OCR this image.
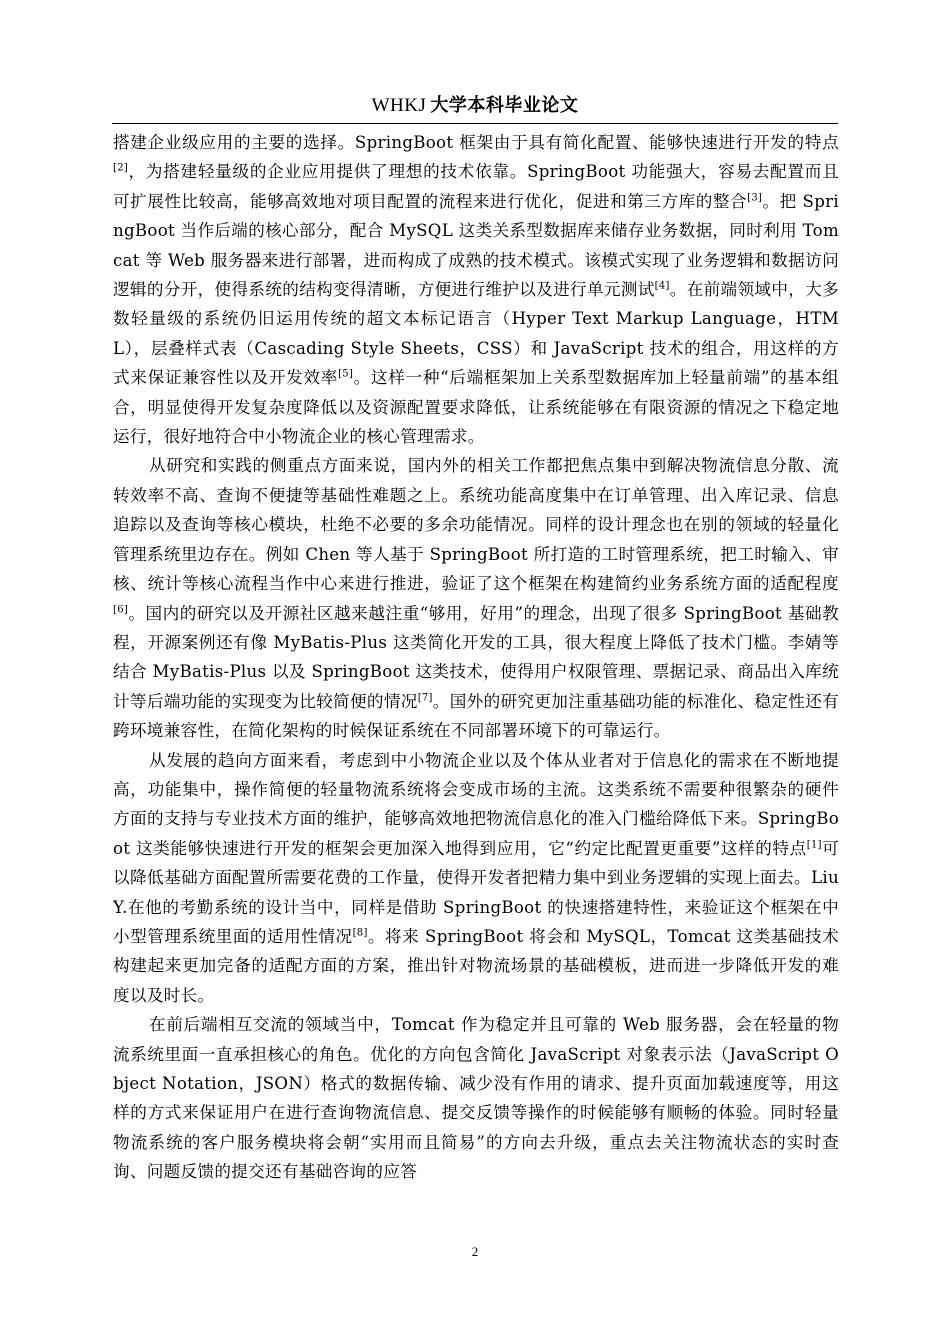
WHKJ 大学本科毕业论文

搭建企业级应用的主要的选择。SpringBoot 框架由于具有简化配置、能够快速进行开发的特点[2]，为搭建轻量级的企业应用提供了理想的技术依靠。SpringBoot 功能强大，容易去配置而且可扩展性比较高，能够高效地对项目配置的流程来进行优化，促进和第三方库的整合[3]。把 SpringBoot 当作后端的核心部分，配合 MySQL 这类关系型数据库来储存业务数据，同时利用 Tomcat 等 Web 服务器来进行部署，进而构成了成熟的技术模式。该模式实现了业务逻辑和数据访问逻辑的分开，使得系统的结构变得清晰，方便进行维护以及进行单元测试[4]。在前端领域中，大多数轻量级的系统仍旧运用传统的超文本标记语言（Hyper Text Markup Language，HTML），层叠样式表（Cascading Style Sheets，CSS）和 JavaScript 技术的组合，用这样的方式来保证兼容性以及开发效率[5]。这样一种“后端框架加上关系型数据库加上轻量前端”的基本组合，明显使得开发复杂度降低以及资源配置要求降低，让系统能够在有限资源的情况之下稳定地运行，很好地符合中小物流企业的核心管理需求。

从研究和实践的侧重点方面来说，国内外的相关工作都把焦点集中到解决物流信息分散、流转效率不高、查询不便捷等基础性难题之上。系统功能高度集中在订单管理、出入库记录、信息追踪以及查询等核心模块，杜绝不必要的多余功能情况。同样的设计理念也在别的领域的轻量化管理系统里边存在。例如 Chen 等人基于 SpringBoot 所打造的工时管理系统，把工时输入、审核、统计等核心流程当作中心来进行推进，验证了这个框架在构建简约业务系统方面的适配程度[6]。国内的研究以及开源社区越来越注重“够用，好用”的理念，出现了很多 SpringBoot 基础教程，开源案例还有像 MyBatis-Plus 这类简化开发的工具，很大程度上降低了技术门槛。李婧等结合 MyBatis-Plus 以及 SpringBoot 这类技术，使得用户权限管理、票据记录、商品出入库统计等后端功能的实现变为比较简便的情况[7]。国外的研究更加注重基础功能的标准化、稳定性还有跨环境兼容性，在简化架构的时候保证系统在不同部署环境下的可靠运行。

从发展的趋向方面来看，考虑到中小物流企业以及个体从业者对于信息化的需求在不断地提高，功能集中，操作简便的轻量物流系统将会变成市场的主流。这类系统不需要种很繁杂的硬件方面的支持与专业技术方面的维护，能够高效地把物流信息化的准入门槛给降低下来。SpringBoot 这类能够快速进行开发的框架会更加深入地得到应用，它“约定比配置更重要”这样的特点[1]可以降低基础方面配置所需要花费的工作量，使得开发者把精力集中到业务逻辑的实现上面去。LiuY.在他的考勤系统的设计当中，同样是借助 SpringBoot 的快速搭建特性，来验证这个框架在中小型管理系统里面的适用性情况[8]。将来 SpringBoot 将会和 MySQL，Tomcat 这类基础技术构建起来更加完备的适配方面的方案，推出针对物流场景的基础模板，进而进一步降低开发的难度以及时长。

在前后端相互交流的领域当中，Tomcat 作为稳定并且可靠的 Web 服务器，会在轻量的物流系统里面一直承担核心的角色。优化的方向包含简化 JavaScript 对象表示法（JavaScript Object Notation，JSON）格式的数据传输、减少没有作用的请求、提升页面加载速度等，用这样的方式来保证用户在进行查询物流信息、提交反馈等操作的时候能够有顺畅的体验。同时轻量物流系统的客户服务模块将会朝“实用而且简易”的方向去升级，重点去关注物流状态的实时查询、问题反馈的提交还有基础咨询的应答

2
